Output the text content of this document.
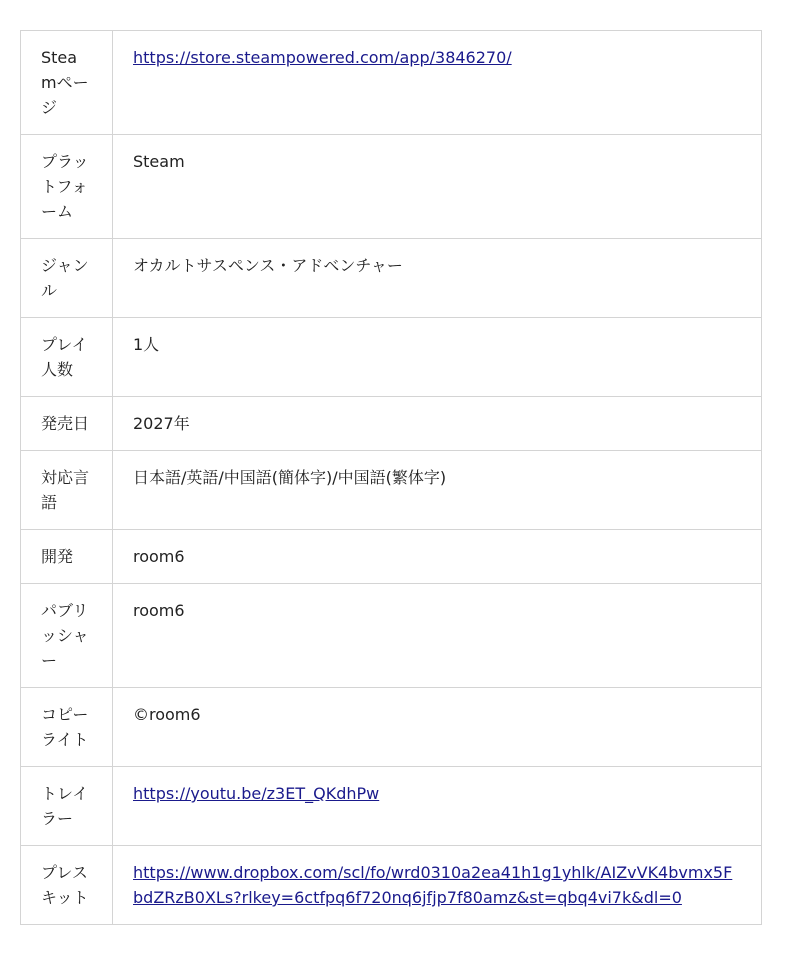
Steamページ	https://store.steampowered.com/app/3846270/
プラットフォーム	Steam
ジャンル	オカルトサスペンス・アドベンチャー
プレイ人数	1人
発売日	2027年
対応言語	日本語/英語/中国語(簡体字)/中国語(繁体字)
開発	room6
パブリッシャー	room6
コピーライト	©room6
トレイラー	https://youtu.be/z3ET_QKdhPw
プレスキット	https://www.dropbox.com/scl/fo/wrd0310a2ea41h1g1yhlk/AIZvVK4bvmx5FbdZRzB0XLs?rlkey=6ctfpq6f720nq6jfjp7f80amz&st=qbq4vi7k&dl=0
